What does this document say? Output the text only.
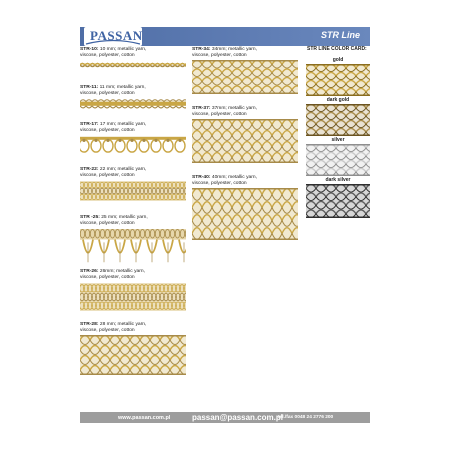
PASSAN	STR Line
STR-10: 10 mm; metallic yarn,
viscose, polyester, cotton
STR-11: 11 mm; metallic yarn,
viscose, polyester, cotton
STR-17: 17 mm; metallic yarn,
viscose, polyester, cotton
STR-22: 22 mm; metallic yarn,
viscose, polyester, cotton
STR -25: 25 mm; metallic yarn,
viscose, polyester, cotton
STR-26: 26mm; metallic yarn,
viscose, polyester, cotton
STR-28: 28 mm; metallic yarn,
viscose, polyester, cotton
STR-34: 34mm; metallic yarn,
viscose, polyester, cotton
STR-37: 37mm; metallic yarn,
viscose, polyester, cotton
STR-40: 40mm; metallic yarn,
viscose, polyester, cotton
STR LINE COLOR CARD:
gold
dark gold
silver
dark silver
www.passan.com.pl	passan@passan.com.pl
tel./fax 0048 24 2776 200
